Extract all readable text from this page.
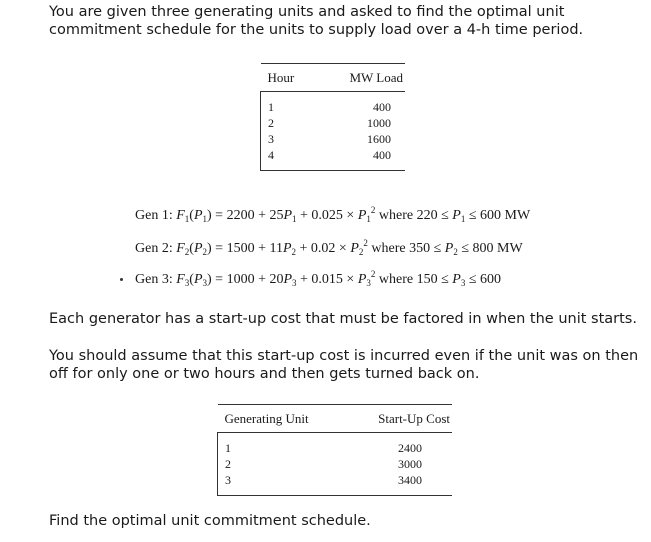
You are given three generating units and asked to find the optimal unit commitment schedule for the units to supply load over a 4-h time period.
Hour	MW Load
1	400
2	1000
3	1600
4	400
Gen 1: $F_1(P_1) = 2200 + 25P_1 + 0.025 \times P_1^2$ where $220 \le P_1 \le 600$ MW
Gen 2: $F_2(P_2) = 1500 + 11P_2 + 0.02 \times P_2^2$ where $350 \le P_2 \le 800$ MW
Gen 3: $F_3(P_3) = 1000 + 20P_3 + 0.015 \times P_3^2$ where $150 \le P_3 \le 600$
Each generator has a start-up cost that must be factored in when the unit starts.
You should assume that this start-up cost is incurred even if the unit was on then off for only one or two hours and then gets turned back on.
Generating Unit	Start-Up Cost
1	2400
2	3000
3	3400
Find the optimal unit commitment schedule.
